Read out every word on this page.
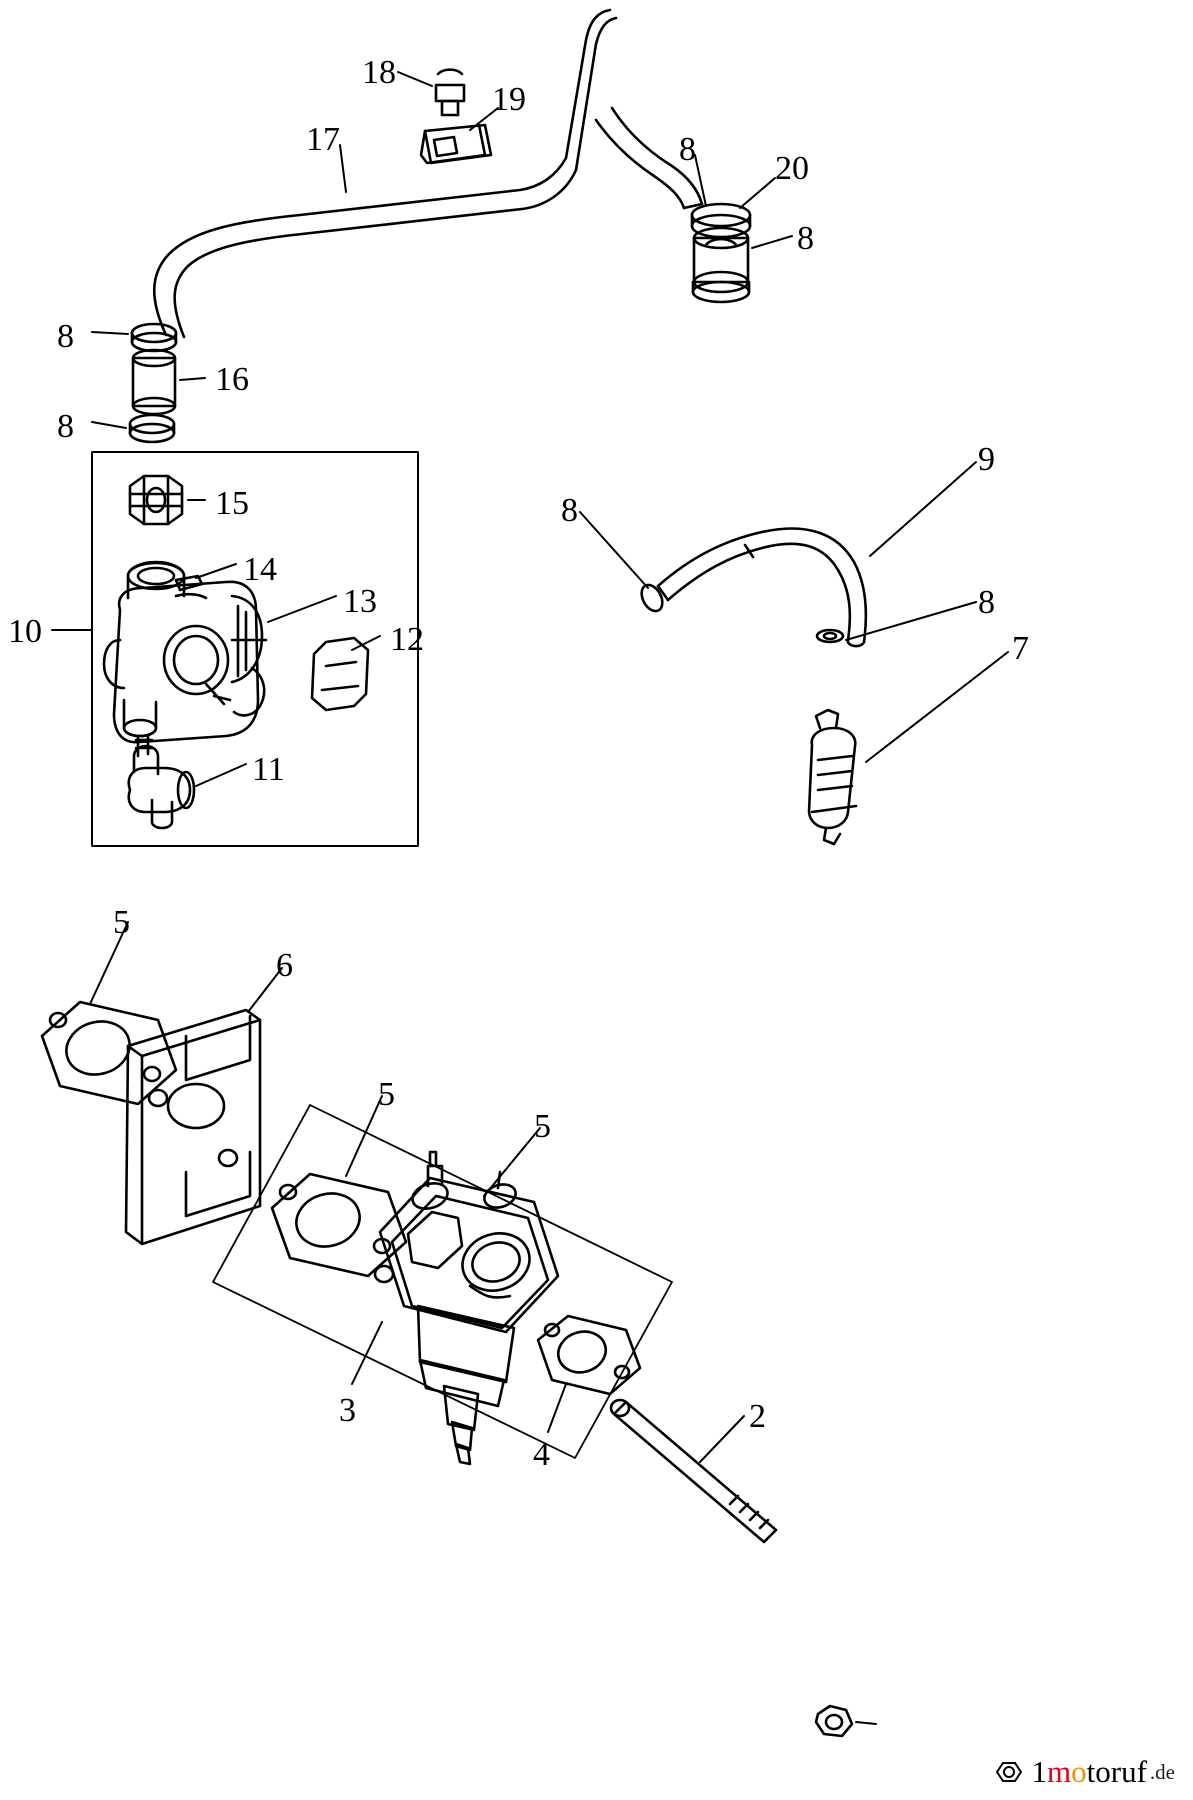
18
19
17	8
20
8
8
16
8
9
8
15
14
8
13
10	12	7
11
5
6
5
5
3
4
2
1 m o toruf .de
